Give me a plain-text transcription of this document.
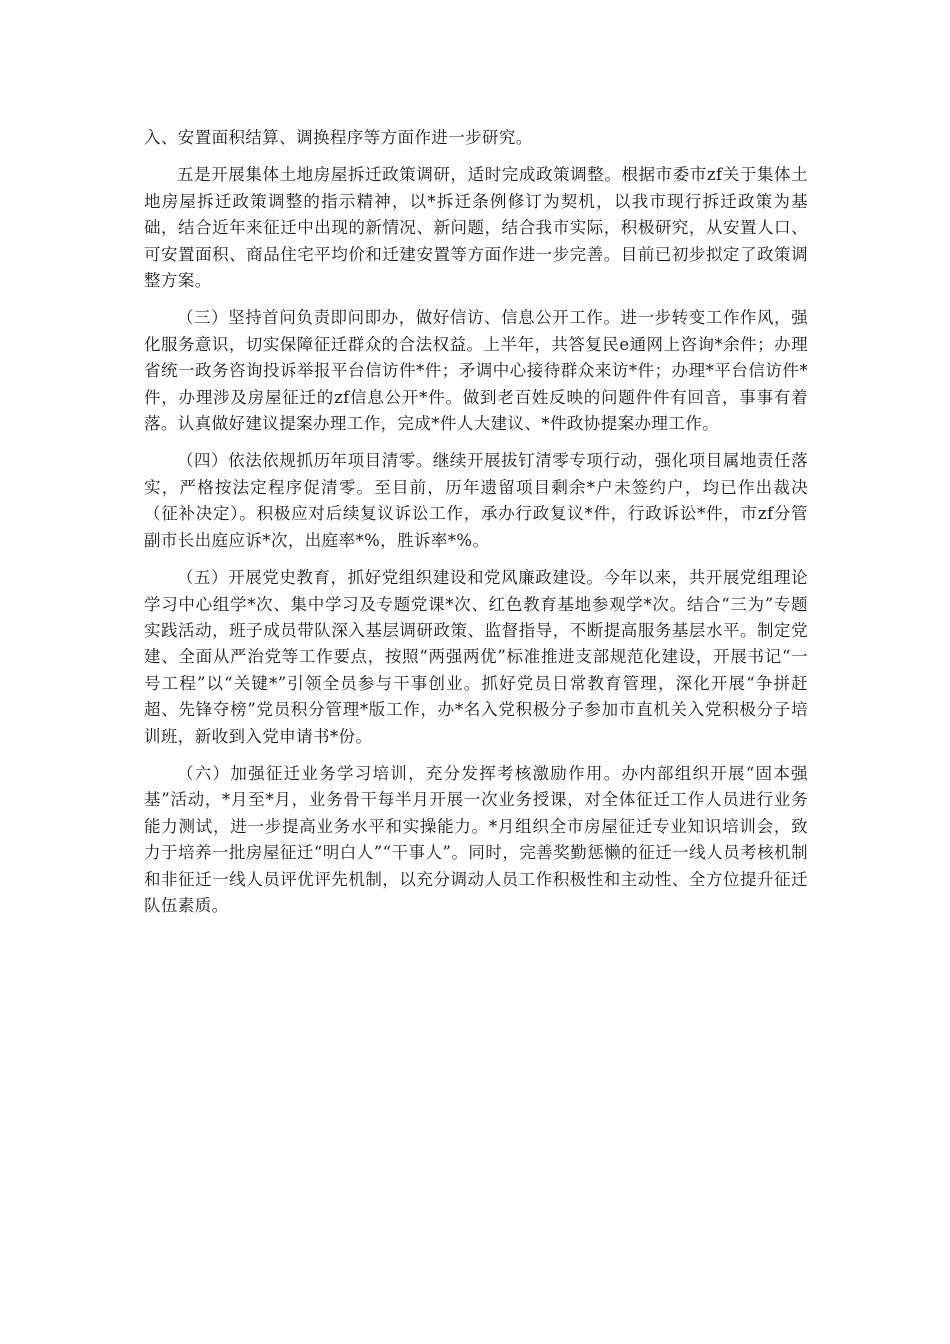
入、安置面积结算、调换程序等方面作进一步研究。

五是开展集体土地房屋拆迁政策调研，适时完成政策调整。根据市委市zf关于集体土地房屋拆迁政策调整的指示精神，以*拆迁条例修订为契机，以我市现行拆迁政策为基础，结合近年来征迁中出现的新情况、新问题，结合我市实际，积极研究，从安置人口、可安置面积、商品住宅平均价和迁建安置等方面作进一步完善。目前已初步拟定了政策调整方案。

（三）坚持首问负责即问即办，做好信访、信息公开工作。进一步转变工作作风，强化服务意识，切实保障征迁群众的合法权益。上半年，共答复民e通网上咨询*余件；办理省统一政务咨询投诉举报平台信访件*件；矛调中心接待群众来访*件；办理*平台信访件*件，办理涉及房屋征迁的zf信息公开*件。做到老百姓反映的问题件件有回音，事事有着落。认真做好建议提案办理工作，完成*件人大建议、*件政协提案办理工作。

（四）依法依规抓历年项目清零。继续开展拔钉清零专项行动，强化项目属地责任落实，严格按法定程序促清零。至目前，历年遗留项目剩余*户未签约户，均已作出裁决（征补决定）。积极应对后续复议诉讼工作，承办行政复议*件，行政诉讼*件，市zf分管副市长出庭应诉*次，出庭率*%，胜诉率*%。

（五）开展党史教育，抓好党组织建设和党风廉政建设。今年以来，共开展党组理论学习中心组学*次、集中学习及专题党课*次、红色教育基地参观学*次。结合“三为”专题实践活动，班子成员带队深入基层调研政策、监督指导，不断提高服务基层水平。制定党建、全面从严治党等工作要点，按照“两强两优”标准推进支部规范化建设，开展书记“一号工程”以“关键*”引领全员参与干事创业。抓好党员日常教育管理，深化开展“争拼赶超、先锋夺榜”党员积分管理*版工作，办*名入党积极分子参加市直机关入党积极分子培训班，新收到入党申请书*份。

（六）加强征迁业务学习培训，充分发挥考核激励作用。办内部组织开展“固本强基”活动，*月至*月，业务骨干每半月开展一次业务授课，对全体征迁工作人员进行业务能力测试，进一步提高业务水平和实操能力。*月组织全市房屋征迁专业知识培训会，致力于培养一批房屋征迁“明白人”“干事人”。同时，完善奖勤惩懒的征迁一线人员考核机制和非征迁一线人员评优评先机制，以充分调动人员工作积极性和主动性、全方位提升征迁队伍素质。
